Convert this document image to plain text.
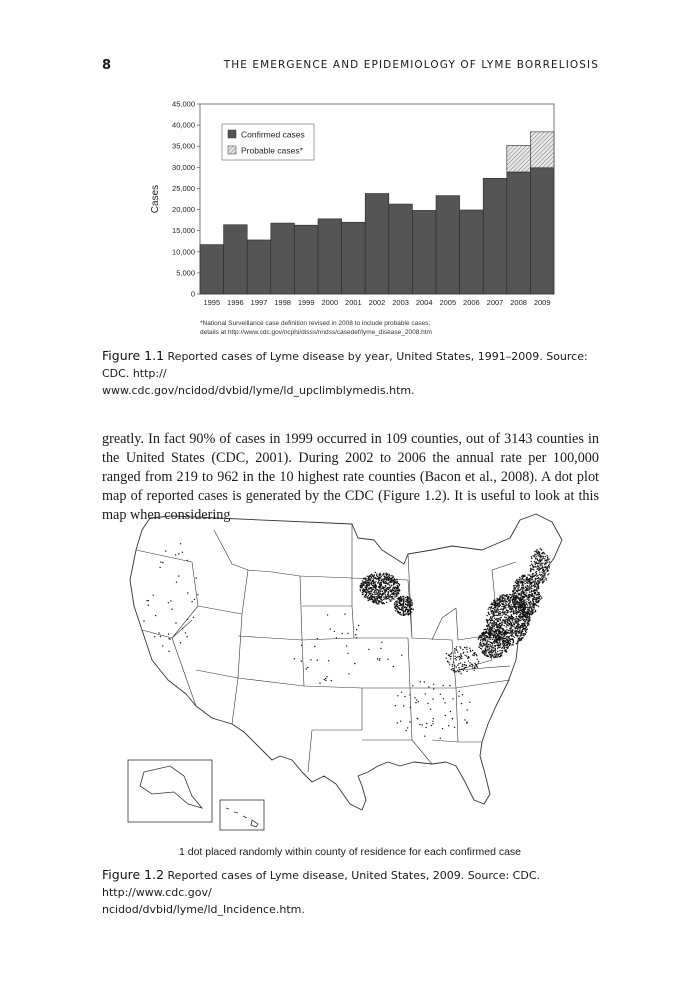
8	THE EMERGENCE AND EPIDEMIOLOGY OF LYME BORRELIOSIS
0
5,000
10,000
15,000
20,000
25,000
30,000
35,000
40,000
45,000
1995 1996 1997 1998 1999 2000 2001 2002 2003 2004 2005 2006 2007 2008 2009
Cases
Confirmed cases
Probable cases*
*National Surveillance case definition revised in 2008 to include probable cases;
details at http://www.cdc.gov/ncphi/disss/nndss/casedef/lyme_disease_2008.htm
Figure 1.1 Reported cases of Lyme disease by year, United States, 1991–2009. Source: CDC. http://
www.cdc.gov/ncidod/dvbid/lyme/ld_upclimblymedis.htm.

greatly. In fact 90% of cases in 1999 occurred in 109 counties, out of 3143 counties in the United States (CDC, 2001). During 2002 to 2006 the annual rate per 100,000 ranged from 219 to 962 in the 10 highest rate counties (Bacon et al., 2008). A dot plot map of reported cases is generated by the CDC (Figure 1.2). It is useful to look at this map when considering

1 dot placed randomly within county of residence for each confirmed case
Figure 1.2 Reported cases of Lyme disease, United States, 2009. Source: CDC. http://www.cdc.gov/
ncidod/dvbid/lyme/ld_Incidence.htm.
